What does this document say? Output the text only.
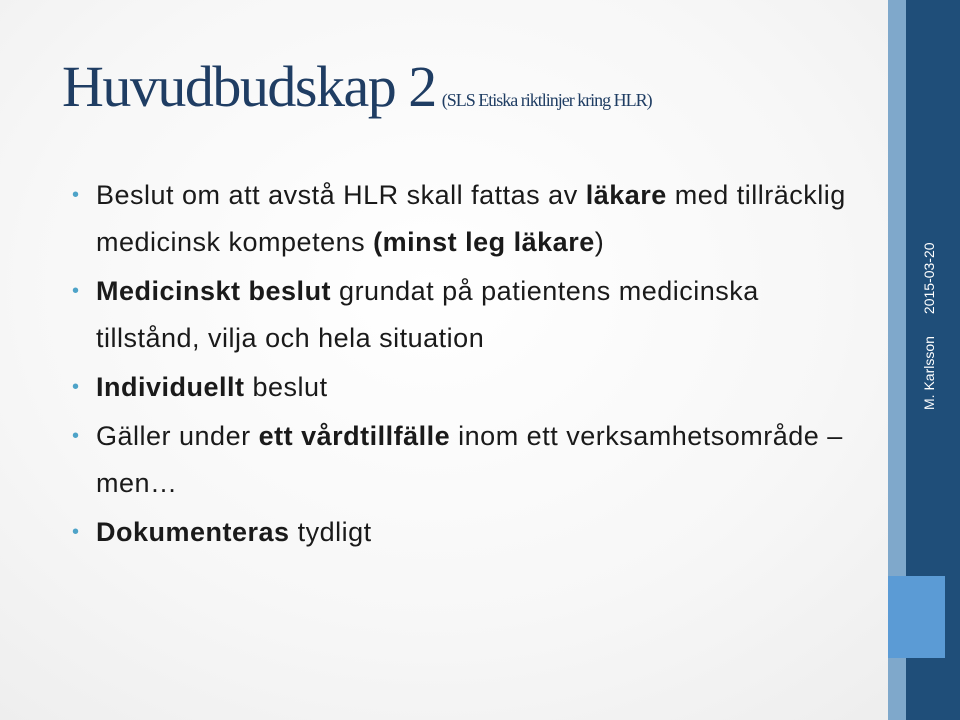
Huvudbudskap 2 (SLS Etiska riktlinjer kring HLR)
• Beslut om att avstå HLR skall fattas av läkare med tillräcklig medicinsk kompetens (minst leg läkare)
• Medicinskt beslut grundat på patientens medicinska tillstånd, vilja och hela situation
• Individuellt beslut
• Gäller under ett vårdtillfälle inom ett verksamhetsområde – men…
• Dokumenteras tydligt
M. Karlsson2015-03-20
